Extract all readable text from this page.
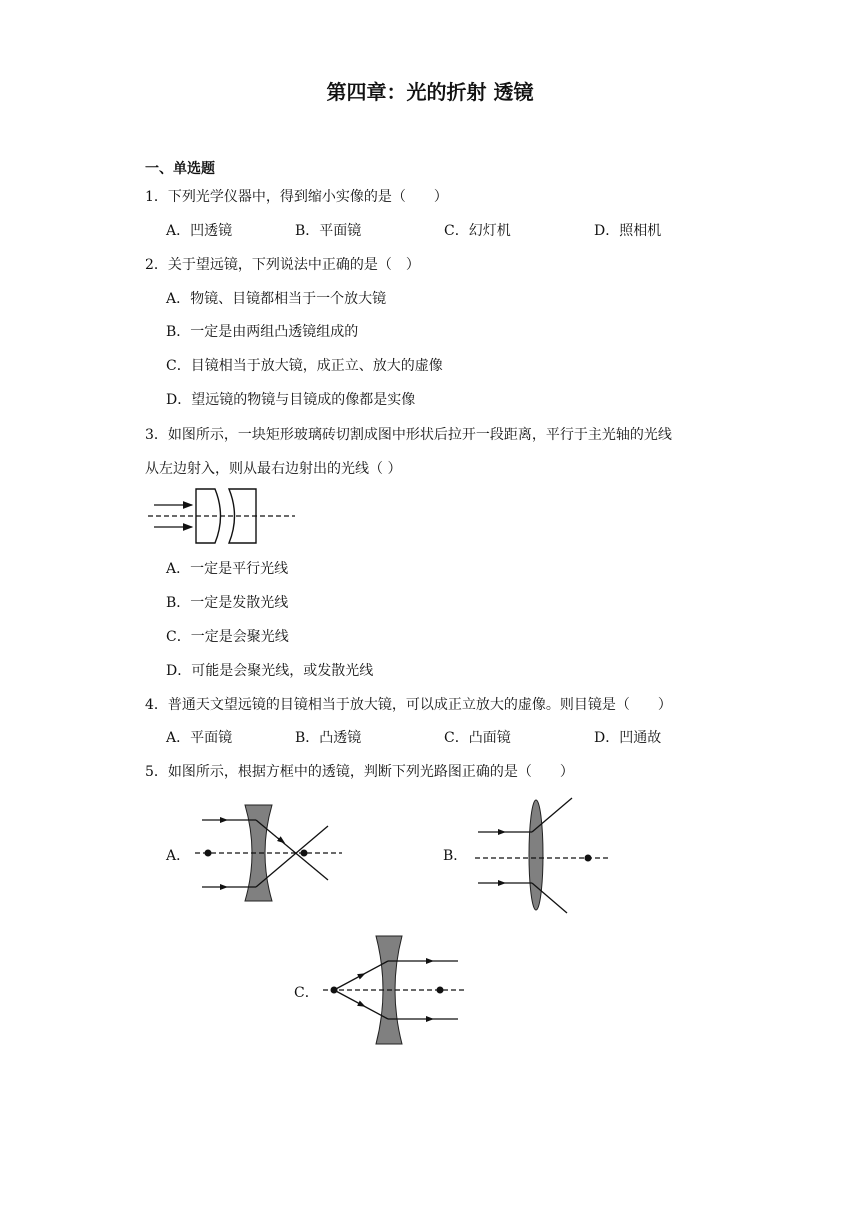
第四章：光的折射 透镜
一、单选题
1．下列光学仪器中，得到缩小实像的是（　　）
A．凹透镜	B．平面镜	C．幻灯机	D．照相机
2．关于望远镜，下列说法中正确的是（　）
A．物镜、目镜都相当于一个放大镜
B．一定是由两组凸透镜组成的
C．目镜相当于放大镜，成正立、放大的虚像
D．望远镜的物镜与目镜成的像都是实像
3．如图所示，一块矩形玻璃砖切割成图中形状后拉开一段距离，平行于主光轴的光线
从左边射入，则从最右边射出的光线（ ）
A．一定是平行光线
B．一定是发散光线
C．一定是会聚光线
D．可能是会聚光线，或发散光线
4．普通天文望远镜的目镜相当于放大镜，可以成正立放大的虚像。则目镜是（　　）
A．平面镜	B．凸透镜	C．凸面镜	D．凹通故
5．如图所示，根据方框中的透镜，判断下列光路图正确的是（　　）
A．	B．
C．
